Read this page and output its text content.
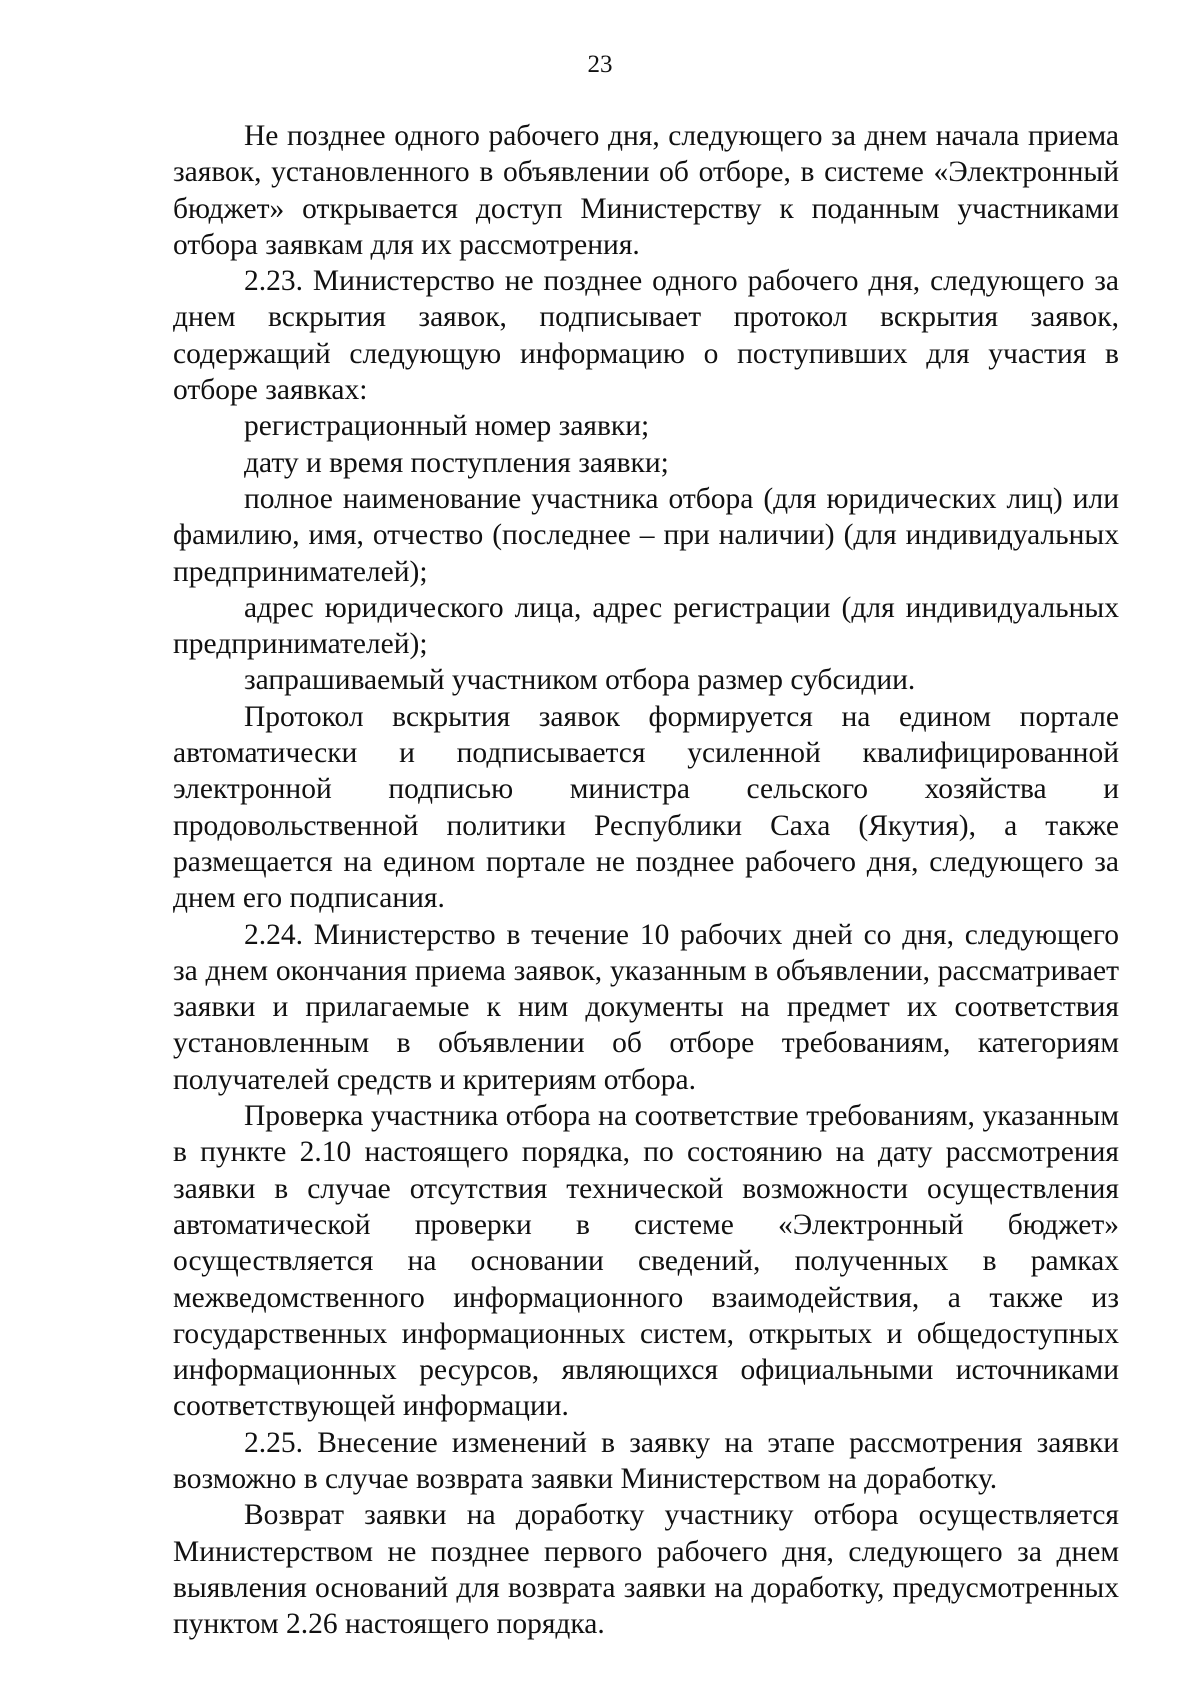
23

Не позднее одного рабочего дня, следующего за днем начала приема заявок, установленного в объявлении об отборе, в системе «Электронный бюджет» открывается доступ Министерству к поданным участниками отбора заявкам для их рассмотрения.

2.23. Министерство не позднее одного рабочего дня, следующего за днем вскрытия заявок, подписывает протокол вскрытия заявок, содержащий следующую информацию о поступивших для участия в отборе заявках:

регистрационный номер заявки;

дату и время поступления заявки;

полное наименование участника отбора (для юридических лиц) или фамилию, имя, отчество (последнее – при наличии) (для индивидуальных предпринимателей);

адрес юридического лица, адрес регистрации (для индивидуальных предпринимателей);

запрашиваемый участником отбора размер субсидии.

Протокол вскрытия заявок формируется на едином портале автоматически и подписывается усиленной квалифицированной электронной подписью министра сельского хозяйства и продовольственной политики Республики Саха (Якутия), а также размещается на едином портале не позднее рабочего дня, следующего за днем его подписания.

2.24. Министерство в течение 10 рабочих дней со дня, следующего за днем окончания приема заявок, указанным в объявлении, рассматривает заявки и прилагаемые к ним документы на предмет их соответствия установленным в объявлении об отборе требованиям, категориям получателей средств и критериям отбора.

Проверка участника отбора на соответствие требованиям, указанным в пункте 2.10 настоящего порядка, по состоянию на дату рассмотрения заявки в случае отсутствия технической возможности осуществления автоматической проверки в системе «Электронный бюджет» осуществляется на основании сведений, полученных в рамках межведомственного информационного взаимодействия, а также из государственных информационных систем, открытых и общедоступных информационных ресурсов, являющихся официальными источниками соответствующей информации.

2.25. Внесение изменений в заявку на этапе рассмотрения заявки возможно в случае возврата заявки Министерством на доработку.

Возврат заявки на доработку участнику отбора осуществляется Министерством не позднее первого рабочего дня, следующего за днем выявления оснований для возврата заявки на доработку, предусмотренных пунктом 2.26 настоящего порядка.
